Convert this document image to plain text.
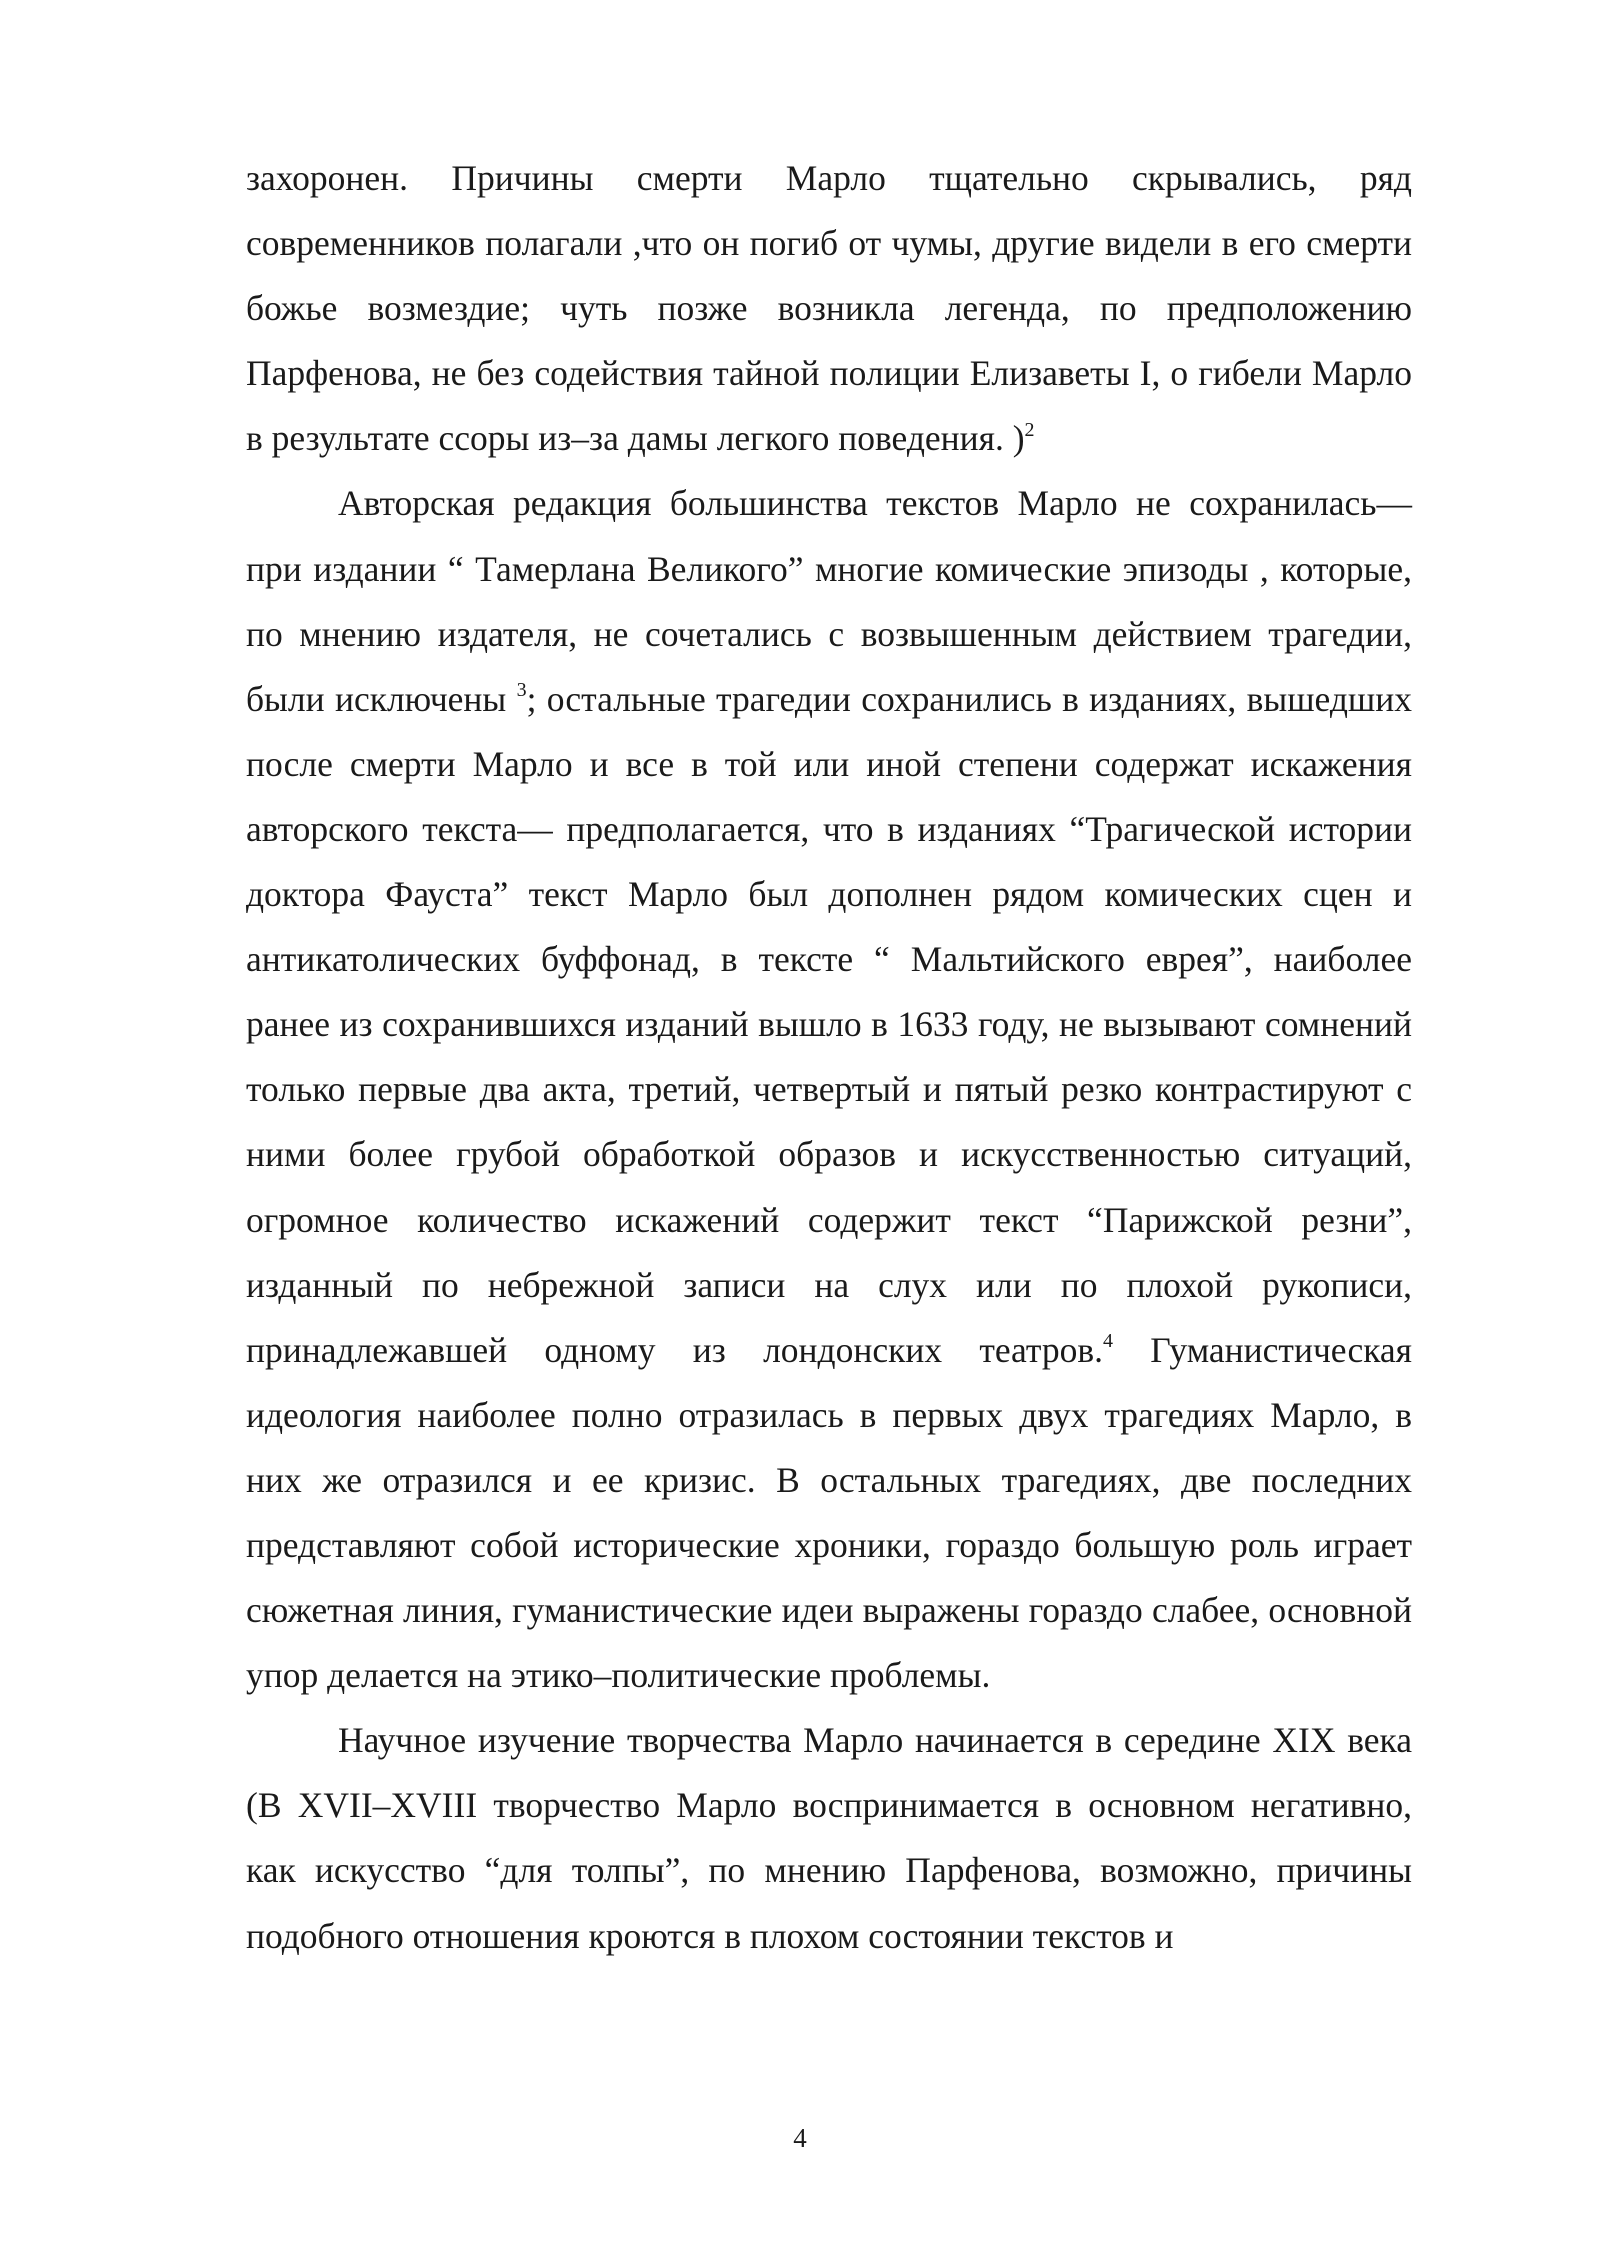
захоронен. Причины смерти Марло тщательно скрывались, ряд современников полагали ,что он погиб от чумы, другие видели в его смерти божье возмездие; чуть позже возникла легенда, по предположению Парфенова, не без содействия тайной полиции Елизаветы I, о гибели Марло в результате ссоры из–за дамы легкого поведения. )$^2$

Авторская редакция большинства текстов Марло не сохранилась— при издании “ Тамерлана Великого” многие комические эпизоды , которые, по мнению издателя, не сочетались с возвышенным действием трагедии, были исключены $^3$; остальные трагедии сохранились в изданиях, вышедших после смерти Марло и все в той или иной степени содержат искажения авторского текста— предполагается, что в изданиях “Трагической истории доктора Фауста” текст Марло был дополнен рядом комических сцен и антикатолических буффонад, в тексте “ Мальтийского еврея”, наиболее ранее из сохранившихся изданий вышло в 1633 году, не вызывают сомнений только первые два акта, третий, четвертый и пятый резко контрастируют с ними более грубой обработкой образов и искусственностью ситуаций, огромное количество искажений содержит текст “Парижской резни”, изданный по небрежной записи на слух или по плохой рукописи, принадлежавшей одному из лондонских театров.$^4$ Гуманистическая идеология наиболее полно отразилась в первых двух трагедиях Марло, в них же отразился и ее кризис. В остальных трагедиях, две последних представляют собой исторические хроники, гораздо большую роль играет сюжетная линия, гуманистические идеи выражены гораздо слабее, основной упор делается на этико–политические проблемы.

Научное изучение творчества Марло начинается в середине XIX века (В XVII–XVIII творчество Марло воспринимается в основном негативно, как искусство “для толпы”, по мнению Парфенова, возможно, причины подобного отношения кроются в плохом состоянии текстов и

4
